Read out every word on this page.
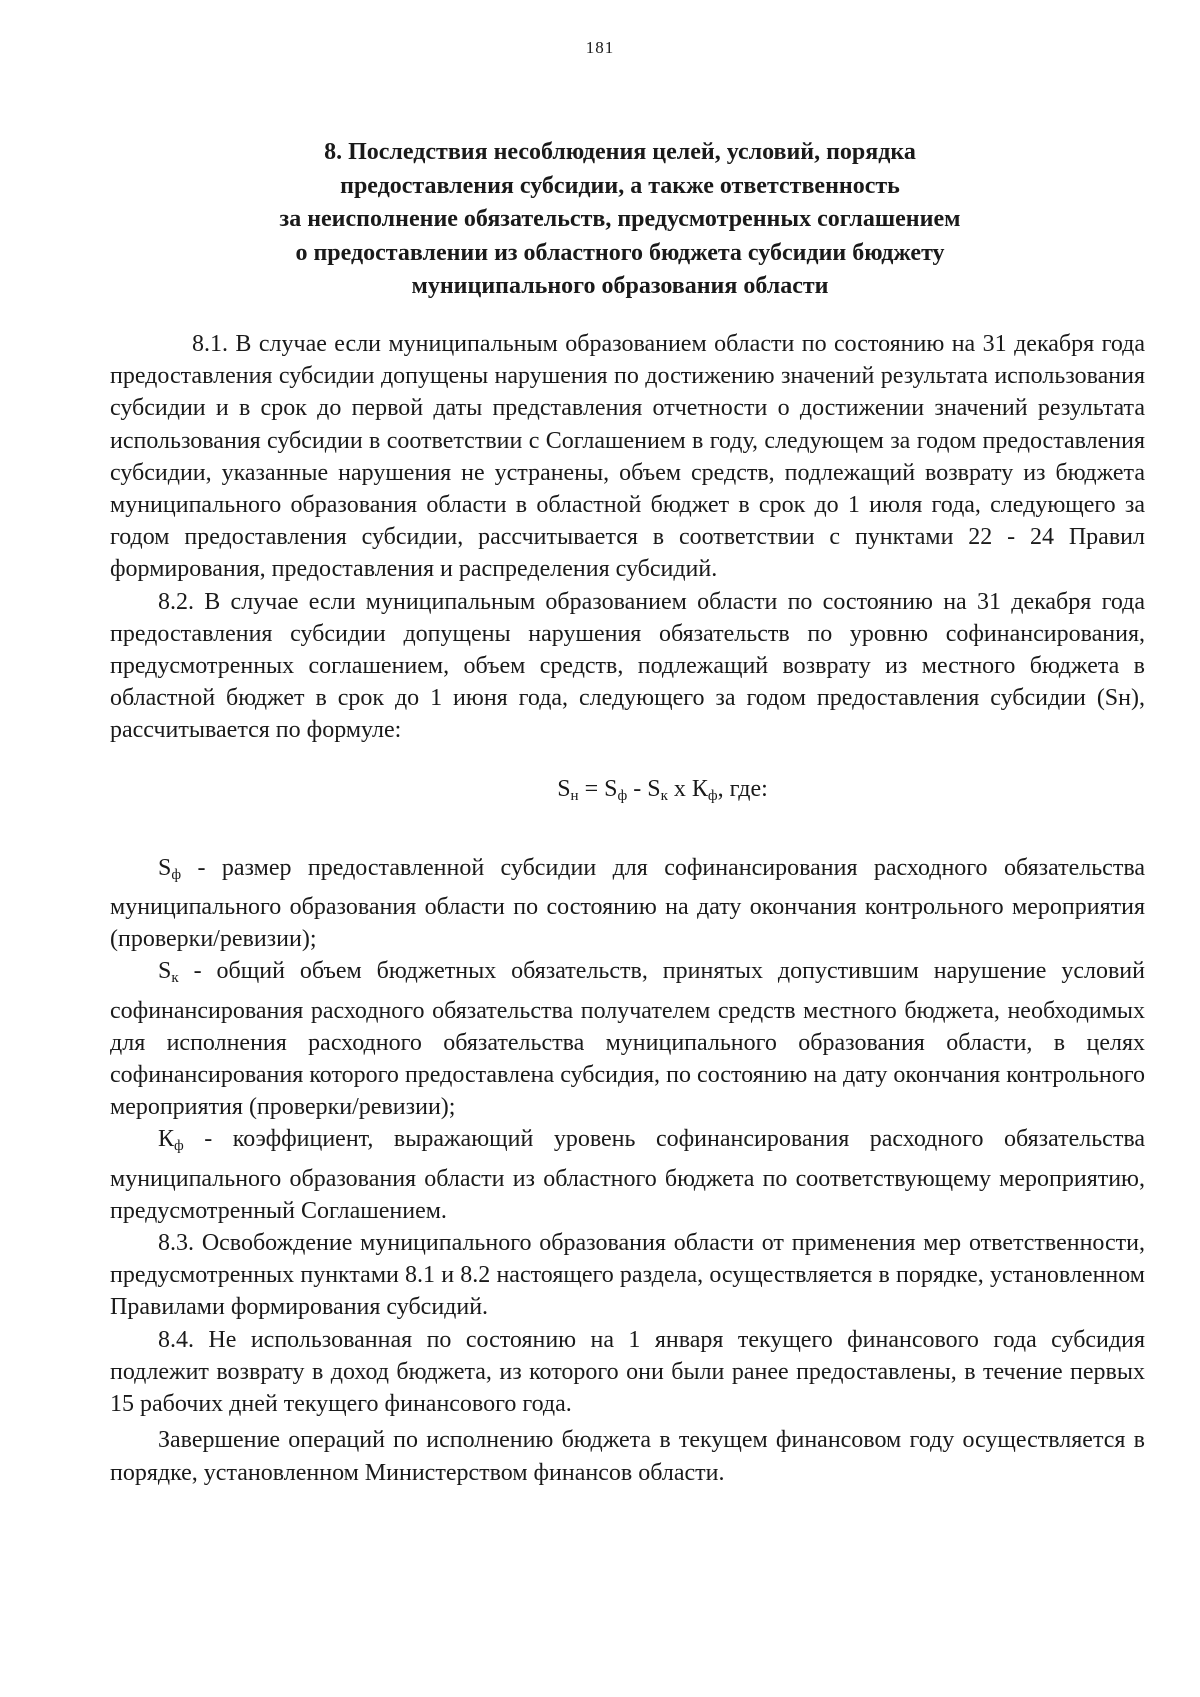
181
8. Последствия несоблюдения целей, условий, порядка
предоставления субсидии, а также ответственность
за неисполнение обязательств, предусмотренных соглашением
о предоставлении из областного бюджета субсидии бюджету
муниципального образования области

8.1. В случае если муниципальным образованием области по состоянию на 31 декабря года предоставления субсидии допущены нарушения по достижению значений результата использования субсидии и в срок до первой даты представления отчетности о достижении значений результата использования субсидии в соответствии с Соглашением в году, следующем за годом предоставления субсидии, указанные нарушения не устранены, объем средств, подлежащий возврату из бюджета муниципального образования области в областной бюджет в срок до 1 июля года, следующего за годом предоставления субсидии, рассчитывается в соответствии с пунктами 22 - 24 Правил формирования, предоставления и распределения субсидий.

8.2. В случае если муниципальным образованием области по состоянию на 31 декабря года предоставления субсидии допущены нарушения обязательств по уровню софинансирования, предусмотренных соглашением, объем средств, подлежащий возврату из местного бюджета в областной бюджет в срок до 1 июня года, следующего за годом предоставления субсидии (Sн), рассчитывается по формуле:

$S_н = S_ф - S_к$ х $К_ф$, где:

$S_ф$ - размер предоставленной субсидии для софинансирования расходного обязательства муниципального образования области по состоянию на дату окончания контрольного мероприятия (проверки/ревизии);

$S_к$ - общий объем бюджетных обязательств, принятых допустившим нарушение условий софинансирования расходного обязательства получателем средств местного бюджета, необходимых для исполнения расходного обязательства муниципального образования области, в целях софинансирования которого предоставлена субсидия, по состоянию на дату окончания контрольного мероприятия (проверки/ревизии);

$К_ф$ - коэффициент, выражающий уровень софинансирования расходного обязательства муниципального образования области из областного бюджета по соответствующему мероприятию, предусмотренный Соглашением.

8.3. Освобождение муниципального образования области от применения мер ответственности, предусмотренных пунктами 8.1 и 8.2 настоящего раздела, осуществляется в порядке, установленном Правилами формирования субсидий.

8.4. Не использованная по состоянию на 1 января текущего финансового года субсидия подлежит возврату в доход бюджета, из которого они были ранее предоставлены, в течение первых 15 рабочих дней текущего финансового года.

Завершение операций по исполнению бюджета в текущем финансовом году осуществляется в порядке, установленном Министерством финансов области.
